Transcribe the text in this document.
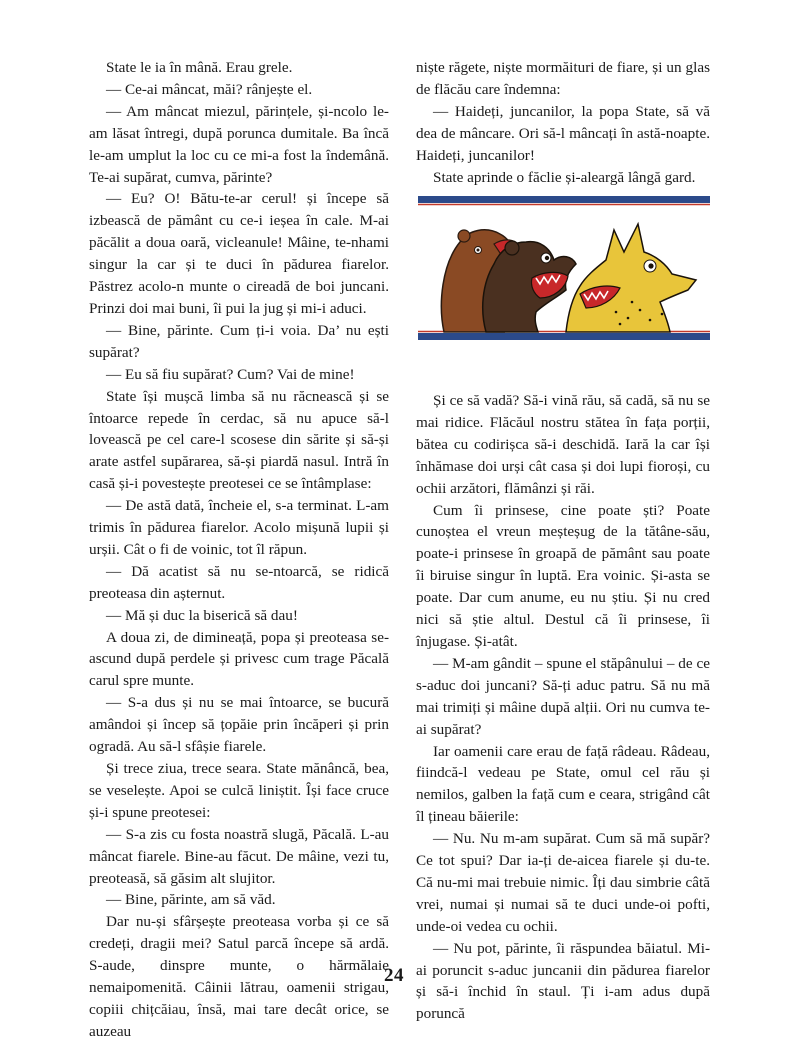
State le ia în mână. Erau grele.

— Ce-ai mâncat, măi? rânjește el.

— Am mâncat miezul, părințele, și-ncolo le-am lăsat întregi, după porunca dumitale. Ba încă le-am umplut la loc cu ce mi-a fost la îndemână. Te-ai supărat, cumva, părinte?

— Eu? O! Bătu-te-ar cerul! și începe să izbească de pământ cu ce-i ieșea în cale. M-ai păcălit a doua oară, vicleanule! Mâine, te-nhami singur la car și te duci în pădurea fiarelor. Păstrez acolo-n munte o cireadă de boi juncani. Prinzi doi mai buni, îi pui la jug și mi-i aduci.

— Bine, părinte. Cum ți-i voia. Da’ nu ești supărat?

— Eu să fiu supărat? Cum? Vai de mine!

State își mușcă limba să nu răcnească și se întoarce repede în cerdac, să nu apuce să-l lovească pe cel care-l scosese din sărite și să-și arate astfel supărarea, să-și piardă nasul. Intră în casă și-i povestește preotesei ce se întâmplase:

— De astă dată, încheie el, s-a terminat. L-am trimis în pădurea fiarelor. Acolo mișună lupii și urșii. Cât o fi de voinic, tot îl răpun.

— Dă acatist să nu se-ntoarcă, se ridică preoteasa din așternut.

— Mă și duc la biserică să dau!

A doua zi, de dimineață, popa și preoteasa se-ascund după perdele și privesc cum trage Păcală carul spre munte.

— S-a dus și nu se mai întoarce, se bucură amândoi și încep să țopăie prin încăperi și prin ogradă. Au să-l sfâșie fiarele.

Și trece ziua, trece seara. State mănâncă, bea, se veselește. Apoi se culcă liniștit. Își face cruce și-i spune preotesei:

— S-a zis cu fosta noastră slugă, Păcală. L-au mâncat fiarele. Bine-au făcut. De mâine, vezi tu, preoteasă, să găsim alt slujitor.

— Bine, părinte, am să văd.

Dar nu-și sfârșește preoteasa vorba și ce să credeți, dragii mei? Satul parcă începe să ardă. S-aude, dinspre munte, o hărmălaie nemaipomenită. Câinii lătrau, oamenii strigau, copiii chițcăiau, însă, mai tare decât orice, se auzeau

niște răgete, niște mormăituri de fiare, și un glas de flăcău care îndemna:

— Haideți, juncanilor, la popa State, să vă dea de mâncare. Ori să-l mâncați în astă-noapte. Haideți, juncanilor!

State aprinde o făclie și-aleargă lângă gard.

Și ce să vadă? Să-i vină rău, să cadă, să nu se mai ridice. Flăcăul nostru stătea în fața porții, bătea cu codirișca să-i deschidă. Iară la car își înhămase doi urși cât casa și doi lupi fioroși, cu ochii arzători, flămânzi și răi.

Cum îi prinsese, cine poate ști? Poate cunoștea el vreun meșteșug de la tătâne-său, poate-i prinsese în groapă de pământ sau poate îi biruise singur în luptă. Era voinic. Și-asta se poate. Dar cum anume, eu nu știu. Și nu cred nici să știe altul. Destul că îi prinsese, îi înjugase. Și-atât.

— M-am gândit – spune el stăpânului – de ce s-aduc doi juncani? Să-ți aduc patru. Să nu mă mai trimiți și mâine după alții. Ori nu cumva te-ai supărat?

Iar oamenii care erau de față râdeau. Râdeau, fiindcă-l vedeau pe State, omul cel rău și nemilos, galben la față cum e ceara, strigând cât îl țineau băierile:

— Nu. Nu m-am supărat. Cum să mă supăr? Ce tot spui? Dar ia-ți de-aicea fiarele și du-te. Că nu-mi mai trebuie nimic. Îți dau simbrie câtă vrei, numai și numai să te duci unde-oi pofti, unde-oi vedea cu ochii.

— Nu pot, părinte, îi răspundea băiatul. Mi-ai poruncit s-aduc juncanii din pădurea fiarelor și să-i închid în staul. Ți i-am adus după poruncă

24
